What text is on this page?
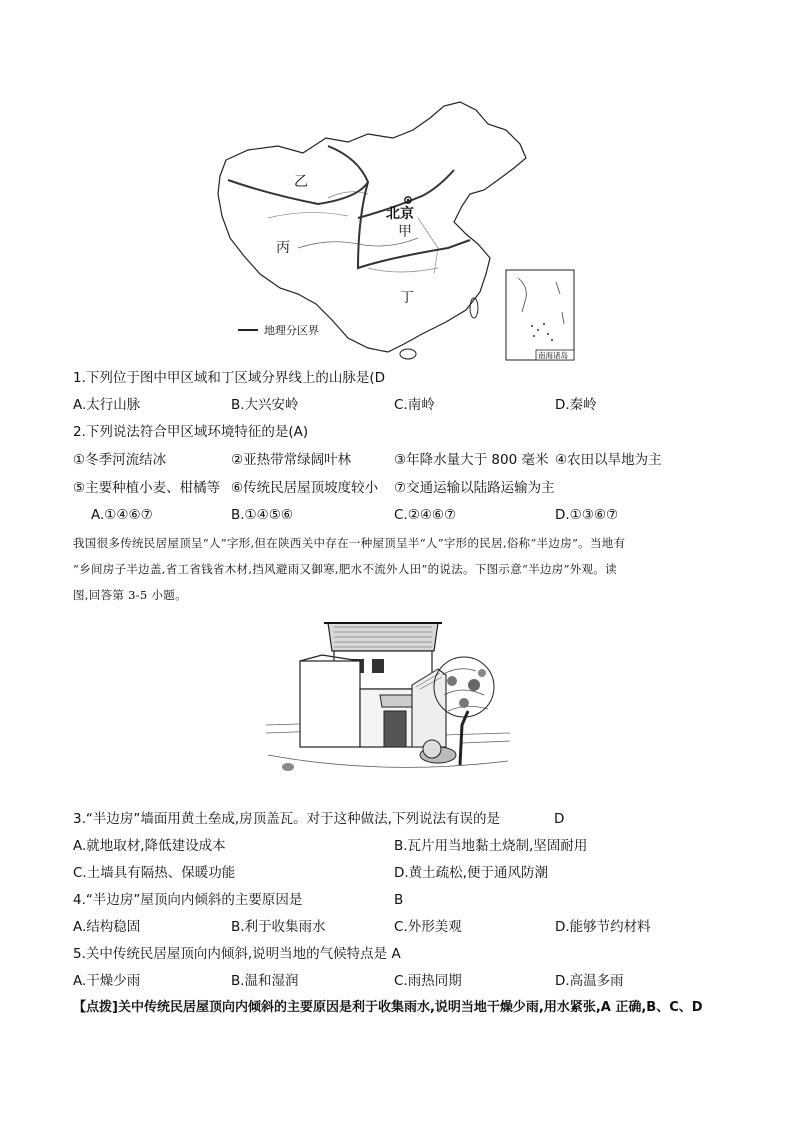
乙
丙
北京
甲
丁
地理分区界
南海诸岛
1.下列位于图中甲区域和丁区域分界线上的山脉是(D
A.太行山脉	B.大兴安岭	C.南岭	D.秦岭
2.下列说法符合甲区域环境特征的是(A)
①冬季河流结冰	②亚热带常绿阔叶林	③年降水量大于 800 毫米 ④农田以旱地为主
⑤主要种植小麦、柑橘等 ⑥传统民居屋顶坡度较小 ⑦交通运输以陆路运输为主
A.①④⑥⑦	B.①④⑤⑥	C.②④⑥⑦	D.①③⑥⑦
我国很多传统民居屋顶呈“人”字形,但在陕西关中存在一种屋顶呈半“人”字形的民居,俗称“半边房”。当地有
“乡间房子半边盖,省工省钱省木材,挡风避雨又御寒,肥水不流外人田”的说法。下图示意“半边房”外观。读
图,回答第 3-5 小题。
3.“半边房”墙面用黄土垒成,房顶盖瓦。对于这种做法,下列说法有误的是	D
A.就地取材,降低建设成本	B.瓦片用当地黏土烧制,坚固耐用
C.土墙具有隔热、保暖功能	D.黄土疏松,便于通风防潮
4.“半边房”屋顶向内倾斜的主要原因是	B
A.结构稳固	B.利于收集雨水	C.外形美观	D.能够节约材料
5.关中传统民居屋顶向内倾斜,说明当地的气候特点是 A
A.干燥少雨	B.温和湿润	C.雨热同期	D.高温多雨
【点拨]关中传统民居屋顶向内倾斜的主要原因是利于收集雨水,说明当地干燥少雨,用水紧张,A 正确,B、C、D
